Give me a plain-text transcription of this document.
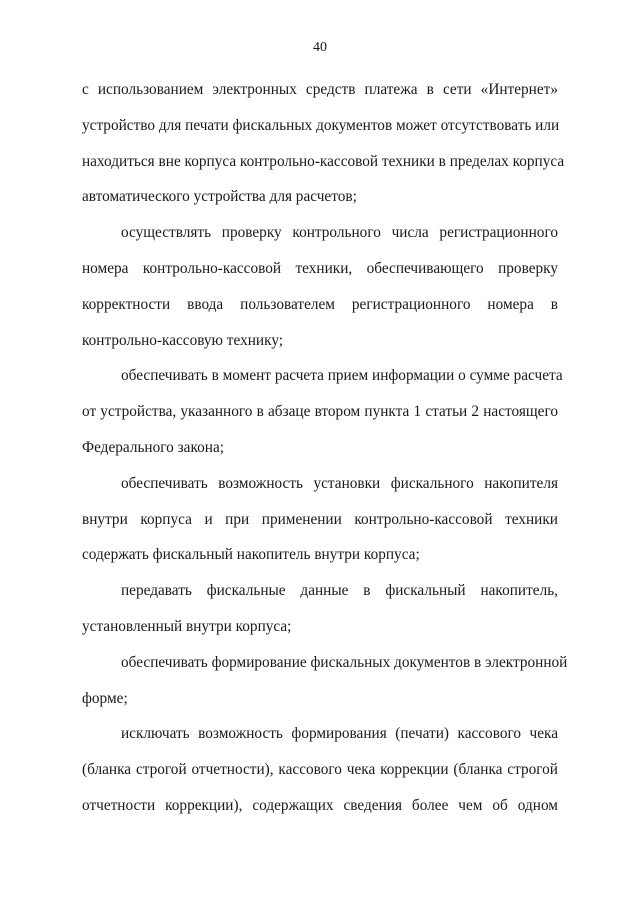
40
с использованием электронных средств платежа в сети «Интернет»
устройство для печати фискальных документов может отсутствовать или
находиться вне корпуса контрольно-кассовой техники в пределах корпуса
автоматического устройства для расчетов;
осуществлять проверку контрольного числа регистрационного
номера контрольно-кассовой техники, обеспечивающего проверку
корректности ввода пользователем регистрационного номера в
контрольно-кассовую технику;
обеспечивать в момент расчета прием информации о сумме расчета
от устройства, указанного в абзаце втором пункта 1 статьи 2 настоящего
Федерального закона;
обеспечивать возможность установки фискального накопителя
внутри корпуса и при применении контрольно-кассовой техники
содержать фискальный накопитель внутри корпуса;
передавать фискальные данные в фискальный накопитель,
установленный внутри корпуса;
обеспечивать формирование фискальных документов в электронной
форме;
исключать возможность формирования (печати) кассового чека
(бланка строгой отчетности), кассового чека коррекции (бланка строгой
отчетности коррекции), содержащих сведения более чем об одном
